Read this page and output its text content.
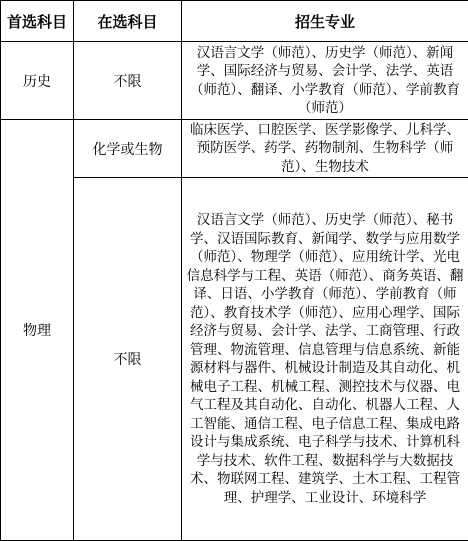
首选科目	在选科目	招生专业
历史	不限	汉语言文学（师范）、历史学（师范）、新闻学、国际经济与贸易、会计学、法学、英语（师范）、翻译、小学教育（师范）、学前教育（师范）
物理	化学或生物	临床医学、口腔医学、医学影像学、儿科学、预防医学、药学、药物制剂、生物科学（师范）、生物技术
	不限	汉语言文学（师范）、历史学（师范）、秘书学、汉语国际教育、新闻学、数学与应用数学（师范）、物理学（师范）、应用统计学、光电信息科学与工程、英语（师范）、商务英语、翻译、日语、小学教育（师范）、学前教育（师范）、教育技术学（师范）、应用心理学、国际经济与贸易、会计学、法学、工商管理、行政管理、物流管理、信息管理与信息系统、新能源材料与器件、机械设计制造及其自动化、机械电子工程、机械工程、测控技术与仪器、电气工程及其自动化、自动化、机器人工程、人工智能、通信工程、电子信息工程、集成电路设计与集成系统、电子科学与技术、计算机科学与技术、软件工程、数据科学与大数据技术、物联网工程、建筑学、土木工程、工程管理、护理学、工业设计、环境科学
